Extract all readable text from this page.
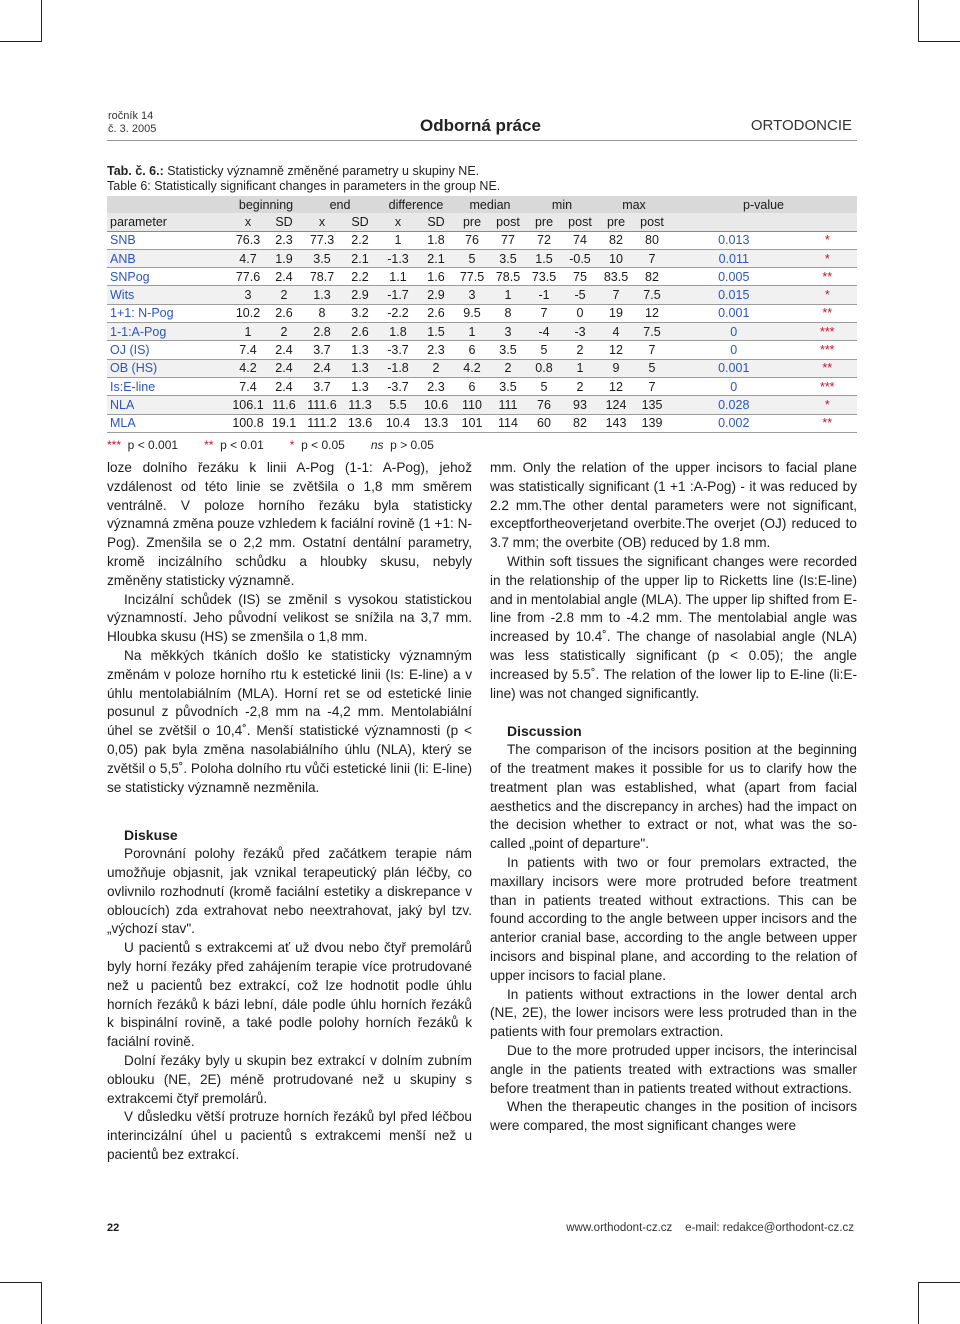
ročník 14
č. 3. 2005	Odborná práce	ORTODONCIE
Tab. č. 6.: Statisticky významně změněné parametry u skupiny NE.
Table 6: Statistically significant changes in parameters in the group NE.
	beginning		end		difference		median		min		max		p-value	
parameter	x	SD	x	SD	x	SD	pre	post	pre	post	pre	post		
SNB	76.3	2.3	77.3	2.2	1	1.8	76	77	72	74	82	80	0.013	*
ANB	4.7	1.9	3.5	2.1	-1.3	2.1	5	3.5	1.5	-0.5	10	7	0.011	*
SNPog	77.6	2.4	78.7	2.2	1.1	1.6	77.5	78.5	73.5	75	83.5	82	0.005	**
Wits	3	2	1.3	2.9	-1.7	2.9	3	1	-1	-5	7	7.5	0.015	*
1+1: N-Pog	10.2	2.6	8	3.2	-2.2	2.6	9.5	8	7	0	19	12	0.001	**
1-1:A-Pog	1	2	2.8	2.6	1.8	1.5	1	3	-4	-3	4	7.5	0	***
OJ (IS)	7.4	2.4	3.7	1.3	-3.7	2.3	6	3.5	5	2	12	7	0	***
OB (HS)	4.2	2.4	2.4	1.3	-1.8	2	4.2	2	0.8	1	9	5	0.001	**
Is:E-line	7.4	2.4	3.7	1.3	-3.7	2.3	6	3.5	5	2	12	7	0	***
NLA	106.1	11.6	111.6	11.3	5.5	10.6	110	111	76	93	124	135	0.028	*
MLA	100.8	19.1	111.2	13.6	10.4	13.3	101	114	60	82	143	139	0.002	**
***  p < 0.001 **  p < 0.01 *  p < 0.05 ns  p > 0.05														

loze dolního řezáku k linii A-Pog (1-1: A-Pog), jehož vzdálenost od této linie se zvětšila o 1,8 mm směrem ventrálně. V poloze horního řezáku byla statisticky významná změna pouze vzhledem k faciální rovině (1 +1: N-Pog). Zmenšila se o 2,2 mm. Ostatní dentální parametry, kromě incizálního schůdku a hloubky skusu, nebyly změněny statisticky významně.

Incizální schůdek (IS) se změnil s vysokou statistickou významností. Jeho původní velikost se snížila na 3,7 mm. Hloubka skusu (HS) se zmenšila o 1,8 mm.

Na měkkých tkáních došlo ke statisticky významným změnám v poloze horního rtu k estetické linii (Is: E-line) a v úhlu mentolabiálním (MLA). Horní ret se od estetické linie posunul z původních -2,8 mm na -4,2 mm. Mentolabiální úhel se zvětšil o 10,4˚. Menší statistické významnosti (p < 0,05) pak byla změna nasolabiálního úhlu (NLA), který se zvětšil o 5,5˚. Poloha dolního rtu vůči estetické linii (Ii: E-line) se statisticky významně nezměnila.

Diskuse

Porovnání polohy řezáků před začátkem terapie nám umožňuje objasnit, jak vznikal terapeutický plán léčby, co ovlivnilo rozhodnutí (kromě faciální estetiky a diskrepance v obloucích) zda extrahovat nebo neextrahovat, jaký byl tzv. „výchozí stav".

U pacientů s extrakcemi ať už dvou nebo čtyř premolárů byly horní řezáky před zahájením terapie více protrudované než u pacientů bez extrakcí, což lze hodnotit podle úhlu horních řezáků k bázi lební, dále podle úhlu horních řezáků k bispinální rovině, a také podle polohy horních řezáků k faciální rovině.

Dolní řezáky byly u skupin bez extrakcí v dolním zubním oblouku (NE, 2E) méně protrudované než u skupiny s extrakcemi čtyř premolárů.

V důsledku větší protruze horních řezáků byl před léčbou interincizální úhel u pacientů s extrakcemi menší než u pacientů bez extrakcí.

mm. Only the relation of the upper incisors to facial plane was statistically significant (1 +1 :A-Pog) - it was reduced by 2.2 mm.The other dental parameters were not significant, exceptfortheoverjetand overbite.The overjet (OJ) reduced to 3.7 mm; the overbite (OB) reduced by 1.8 mm.

Within soft tissues the significant changes were recorded in the relationship of the upper lip to Ricketts line (Is:E-line) and in mentolabial angle (MLA). The upper lip shifted from E-line from -2.8 mm to -4.2 mm. The mentolabial angle was increased by 10.4˚. The change of nasolabial angle (NLA) was less statistically significant (p < 0.05); the angle increased by 5.5˚. The relation of the lower lip to E-line (li:E-line) was not changed significantly.

Discussion

The comparison of the incisors position at the beginning of the treatment makes it possible for us to clarify how the treatment plan was established, what (apart from facial aesthetics and the discrepancy in arches) had the impact on the decision whether to extract or not, what was the so-called „point of departure".

In patients with two or four premolars extracted, the maxillary incisors were more protruded before treatment than in patients treated without extractions. This can be found according to the angle between upper incisors and the anterior cranial base, according to the angle between upper incisors and bispinal plane, and according to the relation of upper incisors to facial plane.

In patients without extractions in the lower dental arch (NE, 2E), the lower incisors were less protruded than in the patients with four premolars extraction.

Due to the more protruded upper incisors, the interincisal angle in the patients treated with extractions was smaller before treatment than in patients treated without extractions.

When the therapeutic changes in the position of incisors were compared, the most significant changes were

22	www.orthodont-cz.cz e-mail: redakce@orthodont-cz.cz
